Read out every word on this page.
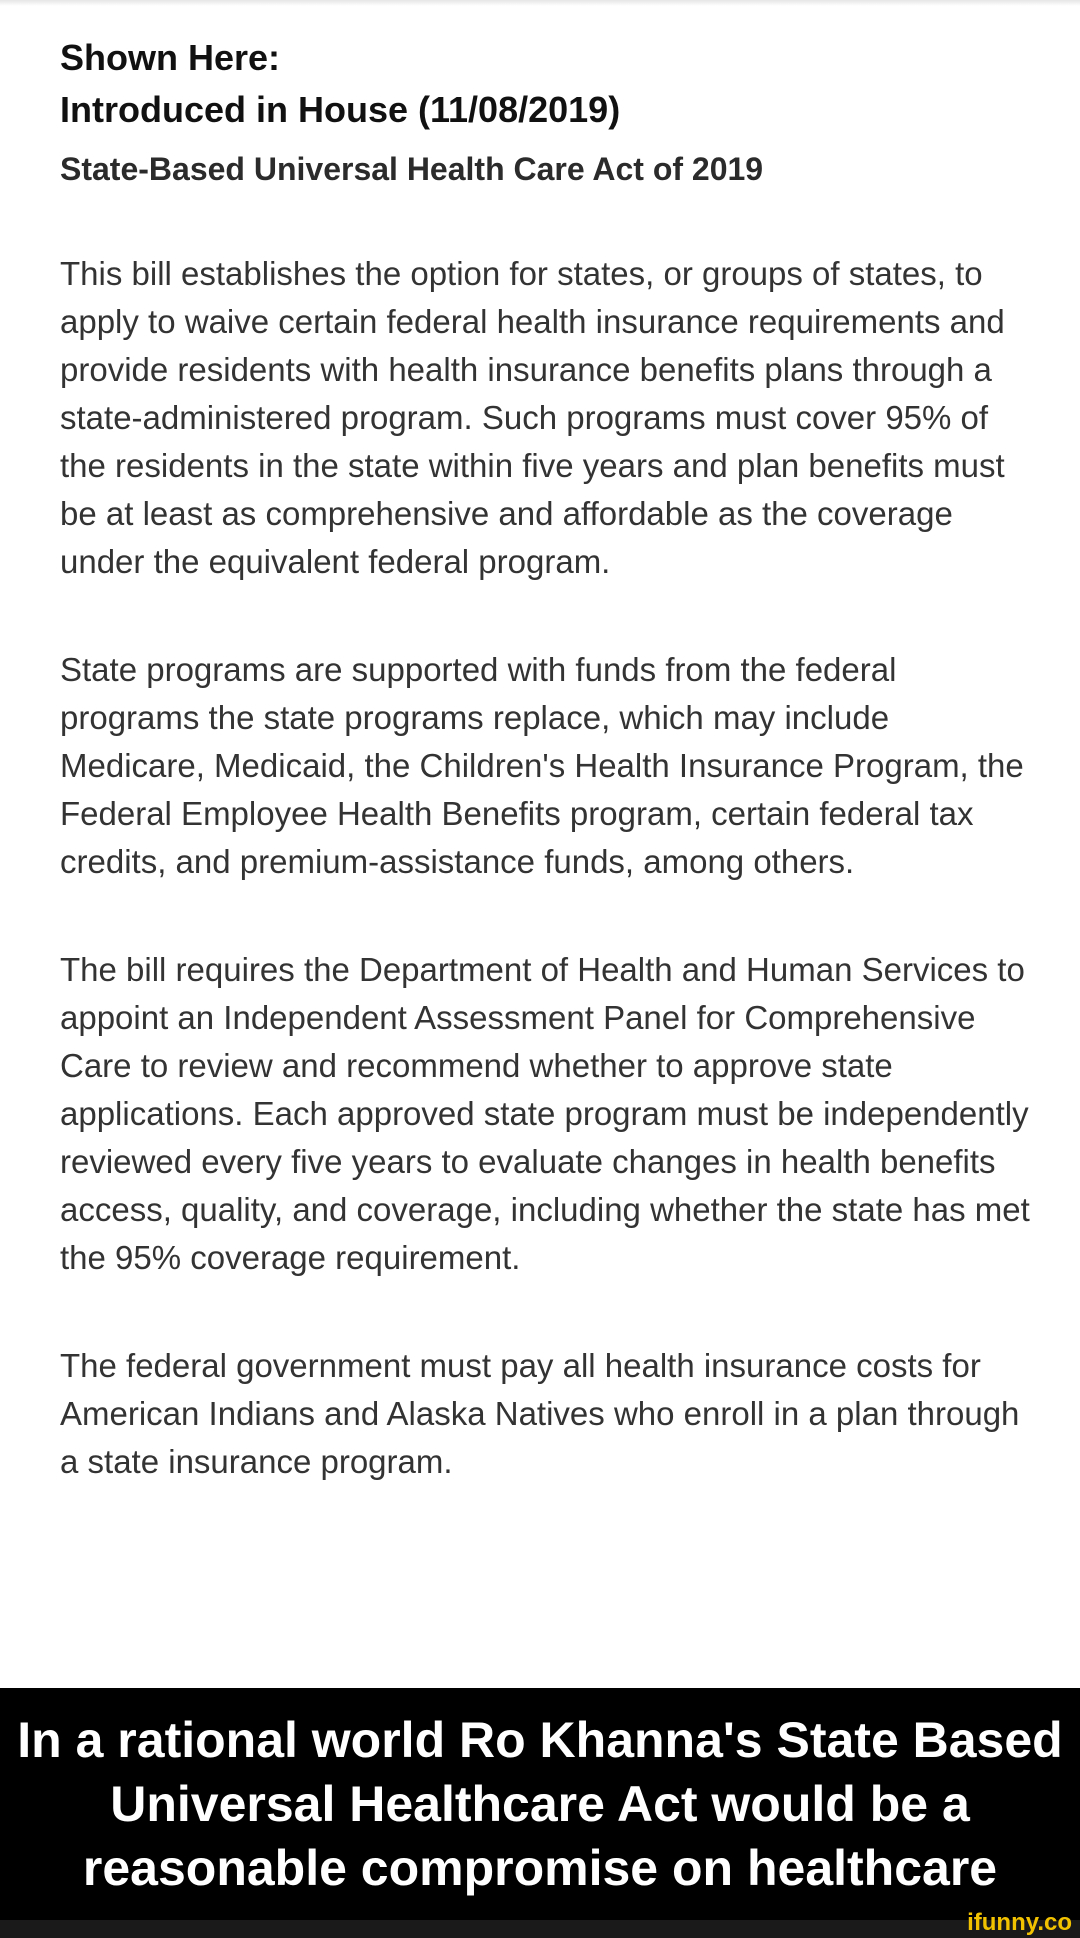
Shown Here:

Introduced in House (11/08/2019)

State-Based Universal Health Care Act of 2019

This bill establishes the option for states, or groups of states, to apply to waive certain federal health insurance requirements and provide residents with health insurance benefits plans through a state-administered program. Such programs must cover 95% of the residents in the state within five years and plan benefits must be at least as comprehensive and affordable as the coverage under the equivalent federal program.

State programs are supported with funds from the federal programs the state programs replace, which may include Medicare, Medicaid, the Children's Health Insurance Program, the Federal Employee Health Benefits program, certain federal tax credits, and premium-assistance funds, among others.

The bill requires the Department of Health and Human Services to appoint an Independent Assessment Panel for Comprehensive Care to review and recommend whether to approve state applications. Each approved state program must be independently reviewed every five years to evaluate changes in health benefits access, quality, and coverage, including whether the state has met the 95% coverage requirement.

The federal government must pay all health insurance costs for American Indians and Alaska Natives who enroll in a plan through a state insurance program.

In a rational world Ro Khanna's State Based Universal Healthcare Act would be a reasonable compromise on healthcare

ifunny.co
